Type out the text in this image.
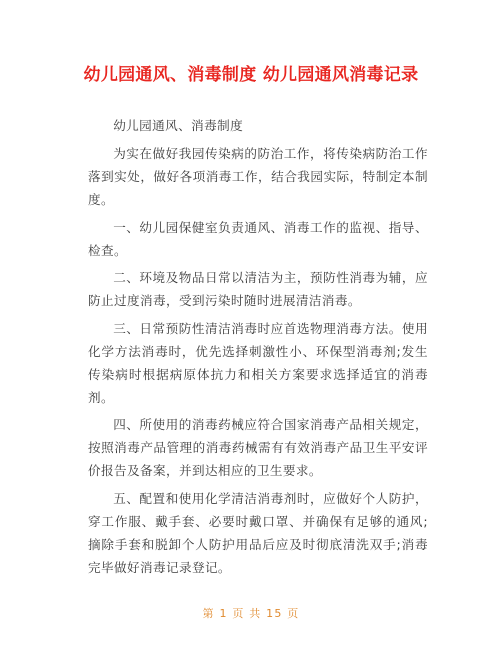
幼儿园通风、消毒制度 幼儿园通风消毒记录

幼儿园通风、消毒制度

为实在做好我园传染病的防治工作，将传染病防治工作落到实处，做好各项消毒工作，结合我园实际，特制定本制度。

一、幼儿园保健室负责通风、消毒工作的监视、指导、检查。

二、环境及物品日常以清洁为主，预防性消毒为辅，应防止过度消毒，受到污染时随时进展清洁消毒。

三、日常预防性清洁消毒时应首选物理消毒方法。使用化学方法消毒时，优先选择刺激性小、环保型消毒剂;发生传染病时根据病原体抗力和相关方案要求选择适宜的消毒剂。

四、所使用的消毒药械应符合国家消毒产品相关规定，按照消毒产品管理的消毒药械需有有效消毒产品卫生平安评价报告及备案，并到达相应的卫生要求。

五、配置和使用化学清洁消毒剂时，应做好个人防护，穿工作服、戴手套、必要时戴口罩、并确保有足够的通风;摘除手套和脱卸个人防护用品后应及时彻底清洗双手;消毒完毕做好消毒记录登记。

第 1 页 共 15 页
